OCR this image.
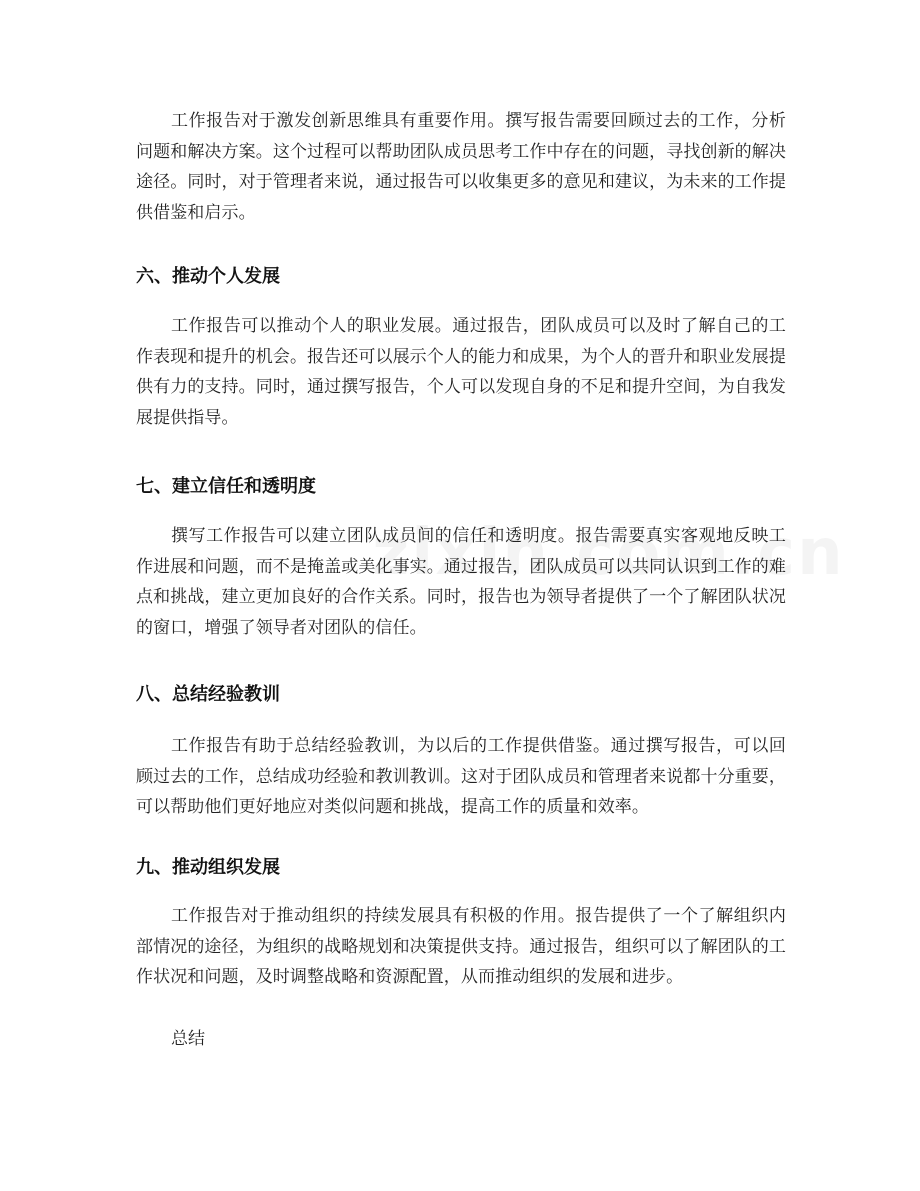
工作报告对于激发创新思维具有重要作用。撰写报告需要回顾过去的工作，分析问题和解决方案。这个过程可以帮助团队成员思考工作中存在的问题，寻找创新的解决途径。同时，对于管理者来说，通过报告可以收集更多的意见和建议，为未来的工作提供借鉴和启示。

六、推动个人发展

工作报告可以推动个人的职业发展。通过报告，团队成员可以及时了解自己的工作表现和提升的机会。报告还可以展示个人的能力和成果，为个人的晋升和职业发展提供有力的支持。同时，通过撰写报告，个人可以发现自身的不足和提升空间，为自我发展提供指导。

七、建立信任和透明度

撰写工作报告可以建立团队成员间的信任和透明度。报告需要真实客观地反映工作进展和问题，而不是掩盖或美化事实。通过报告，团队成员可以共同认识到工作的难点和挑战，建立更加良好的合作关系。同时，报告也为领导者提供了一个了解团队状况的窗口，增强了领导者对团队的信任。

八、总结经验教训

工作报告有助于总结经验教训，为以后的工作提供借鉴。通过撰写报告，可以回顾过去的工作，总结成功经验和教训教训。这对于团队成员和管理者来说都十分重要，可以帮助他们更好地应对类似问题和挑战，提高工作的质量和效率。

九、推动组织发展

工作报告对于推动组织的持续发展具有积极的作用。报告提供了一个了解组织内部情况的途径，为组织的战略规划和决策提供支持。通过报告，组织可以了解团队的工作状况和问题，及时调整战略和资源配置，从而推动组织的发展和进步。

总结
